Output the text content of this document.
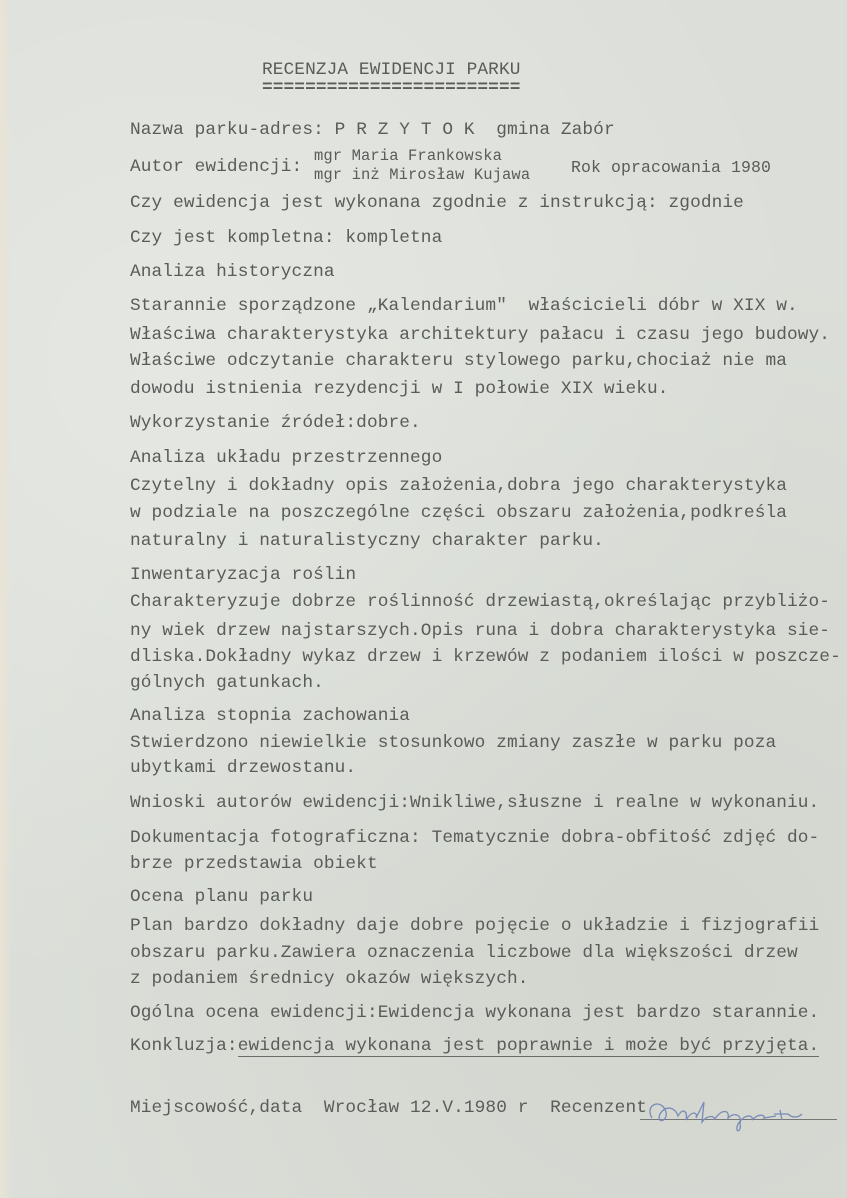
RECENZJA EWIDENCJI PARKU
========================
Nazwa parku-adres: P R Z Y T O K gmina Zabór
Autor ewidencji:
mgr Maria Frankowska
mgr inż Mirosław Kujawa Rok opracowania 1980
Czy ewidencja jest wykonana zgodnie z instrukcją: zgodnie
Czy jest kompletna: kompletna
Analiza historyczna
Starannie sporządzone „Kalendarium"  właścicieli dóbr w XIX w.
Właściwa charakterystyka architektury pałacu i czasu jego budowy.
Właściwe odczytanie charakteru stylowego parku,chociaż nie ma
dowodu istnienia rezydencji w I połowie XIX wieku.
Wykorzystanie źródeł:dobre.
Analiza układu przestrzennego
Czytelny i dokładny opis założenia,dobra jego charakterystyka
w podziale na poszczególne części obszaru założenia,podkreśla
naturalny i naturalistyczny charakter parku.
Inwentaryzacja roślin
Charakteryzuje dobrze roślinność drzewiastą,określając przybliżo-
ny wiek drzew najstarszych.Opis runa i dobra charakterystyka sie-
dliska.Dokładny wykaz drzew i krzewów z podaniem ilości w poszcze-
gólnych gatunkach.
Analiza stopnia zachowania
Stwierdzono niewielkie stosunkowo zmiany zaszłe w parku poza
ubytkami drzewostanu.
Wnioski autorów ewidencji:Wnikliwe,słuszne i realne w wykonaniu.
Dokumentacja fotograficzna: Tematycznie dobra-obfitość zdjęć do-
brze przedstawia obiekt
Ocena planu parku
Plan bardzo dokładny daje dobre pojęcie o układzie i fizjografii
obszaru parku.Zawiera oznaczenia liczbowe dla większości drzew
z podaniem średnicy okazów większych.
Ogólna ocena ewidencji:Ewidencja wykonana jest bardzo starannie.
Konkluzja:ewidencja wykonana jest poprawnie i może być przyjęta.
Miejscowość,data Wrocław 12.V.1980 r Recenzent
